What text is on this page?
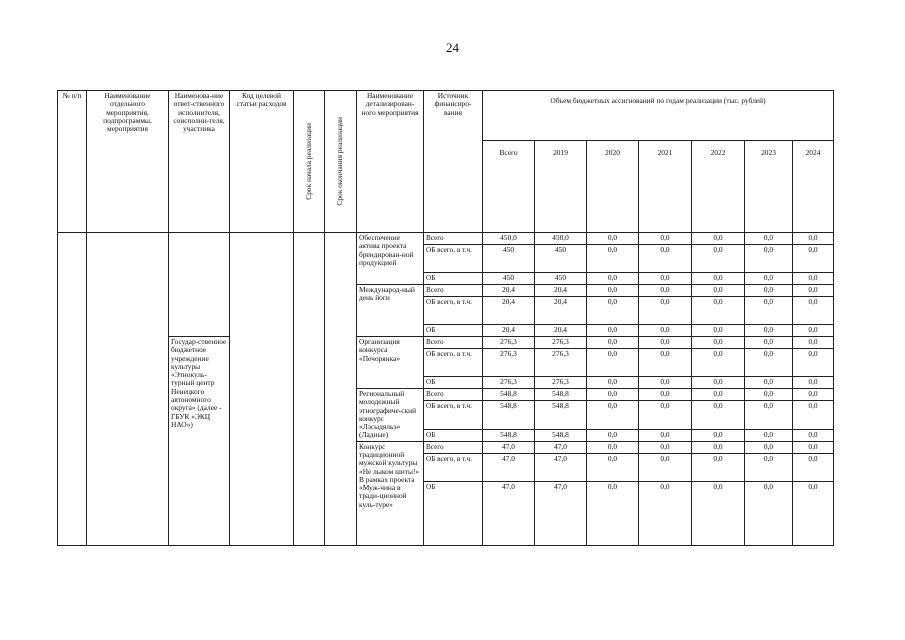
24
№ п/п	Наименование отдельного мероприятия, подпрограммы, мероприятия	Наименова-ние ответ-ственного исполнителя, соисполни-теля, участника	Код целевой статьи расходов	Срок начала реализации	Срок окончания реализации	Наименование детализирован-ного мероприятия	Источник финансиро-вания	Объем бюджетных ассигнований по годам реализации (тыс. рублей)						
								Всего	2019	2020	2021	2022	2023	2024
						Обеспечение актива проекта брендирован-ной продукцией	Всего	450,0	450,0	0,0	0,0	0,0	0,0	0,0
							ОБ всего, в т.ч.	450	450	0,0	0,0	0,0	0,0	0,0
							ОБ	450	450	0,0	0,0	0,0	0,0	0,0
						Международ-ный день йоги	Всего	20,4	20,4	0,0	0,0	0,0	0,0	0,0
							ОБ всего, в т.ч.	20,4	20,4	0,0	0,0	0,0	0,0	0,0
							ОБ	20,4	20,4	0,0	0,0	0,0	0,0	0,0
		Государ-ственное бюджетное учреждение культуры «Этнокуль-турный центр Ненецкого автономного округа» (далее - ГБУК «ЭКЦ НАО»)				Организация конкурса «Печорянка»	Всего	276,3	276,3	0,0	0,0	0,0	0,0	0,0
							ОБ всего, в т.ч.	276,3	276,3	0,0	0,0	0,0	0,0	0,0
							ОБ	276,3	276,3	0,0	0,0	0,0	0,0	0,0
						Региональный молодежный этнографиче-ский конкурс «Лэсыдяльэ» (Ладные)	Всего	548,8	548,8	0,0	0,0	0,0	0,0	0,0
							ОБ всего, в т.ч.	548,8	548,8	0,0	0,0	0,0	0,0	0,0
							ОБ	548,8	548,8	0,0	0,0	0,0	0,0	0,0
						Конкурс традиционной мужской культуры «Не лыком шиты!» В рамках проекта «Муж-чина в тради-ционной куль-туре»	Всего	47,0	47,0	0,0	0,0	0,0	0,0	0,0
							ОБ всего, в т.ч.	47,0	47,0	0,0	0,0	0,0	0,0	0,0
							ОБ	47,0	47,0	0,0	0,0	0,0	0,0	0,0
